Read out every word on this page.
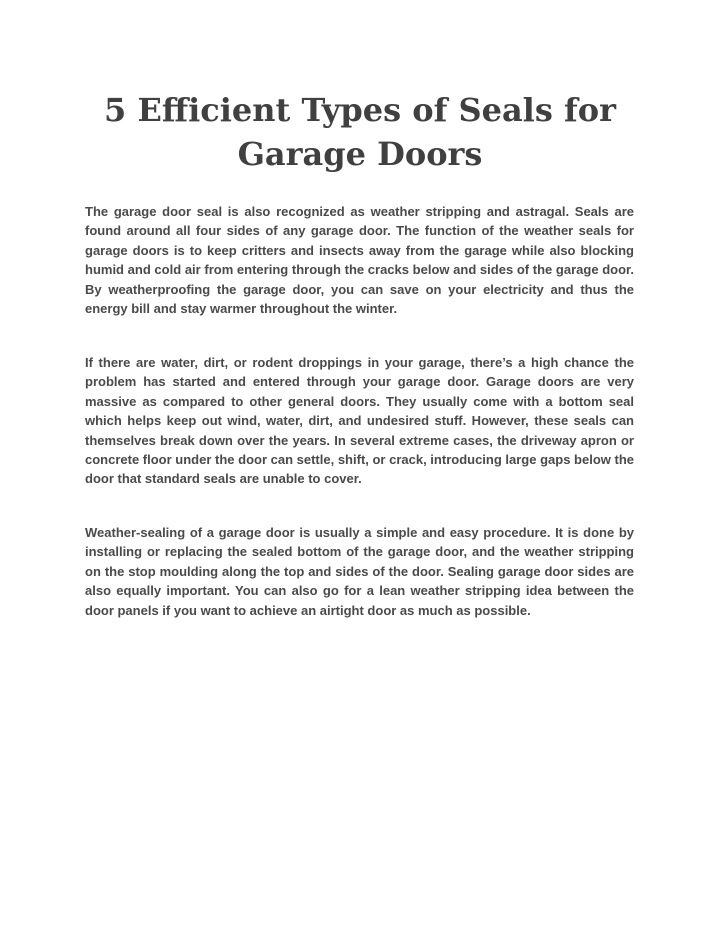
5 Efficient Types of Seals for Garage Doors

The garage door seal is also recognized as weather stripping and astragal. Seals are found around all four sides of any garage door. The function of the weather seals for garage doors is to keep critters and insects away from the garage while also blocking humid and cold air from entering through the cracks below and sides of the garage door. By weatherproofing the garage door, you can save on your electricity and thus the energy bill and stay warmer throughout the winter.

If there are water, dirt, or rodent droppings in your garage, there’s a high chance the problem has started and entered through your garage door. Garage doors are very massive as compared to other general doors. They usually come with a bottom seal which helps keep out wind, water, dirt, and undesired stuff. However, these seals can themselves break down over the years. In several extreme cases, the driveway apron or concrete floor under the door can settle, shift, or crack, introducing large gaps below the door that standard seals are unable to cover.

Weather-sealing of a garage door is usually a simple and easy procedure. It is done by installing or replacing the sealed bottom of the garage door, and the weather stripping on the stop moulding along the top and sides of the door. Sealing garage door sides are also equally important. You can also go for a lean weather stripping idea between the door panels if you want to achieve an airtight door as much as possible.
